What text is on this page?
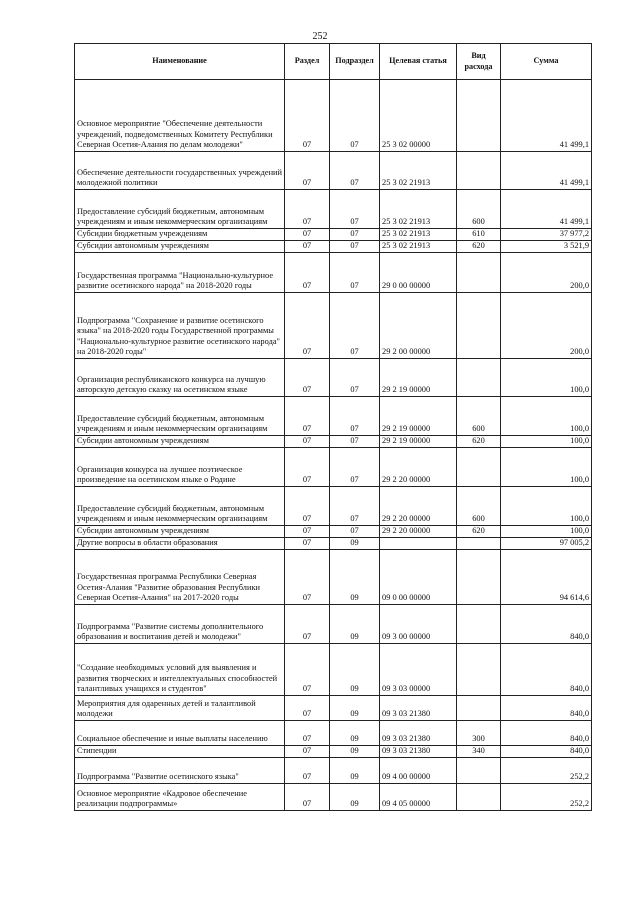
252
Наименование	Раздел	Подраздел	Целевая статья	Вид расхода	Сумма
Основное мероприятие "Обеспечение деятельности учреждений, подведомственных Комитету Республики Северная Осетия-Алания по делам молодежи"	07	07	25 3 02 00000		41 499,1
Обеспечение деятельности государственных учреждений молодежной политики	07	07	25 3 02 21913		41 499,1
Предоставление субсидий бюджетным, автономным учреждениям и иным некоммерческим организациям	07	07	25 3 02 21913	600	41 499,1
Субсидии бюджетным учреждениям	07	07	25 3 02 21913	610	37 977,2
Субсидии автономным учреждениям	07	07	25 3 02 21913	620	3 521,9
Государственная программа "Национально-культурное развитие осетинского народа" на 2018-2020 годы	07	07	29 0 00 00000		200,0
Подпрограмма "Сохранение и развитие осетинского языка" на 2018-2020 годы Государственной программы "Национально-культурное развитие осетинского народа" на 2018-2020 годы"	07	07	29 2 00 00000		200,0
Организация республиканского конкурса на лучшую авторскую детскую сказку на осетинском языке	07	07	29 2 19 00000		100,0
Предоставление субсидий бюджетным, автономным учреждениям и иным некоммерческим организациям	07	07	29 2 19 00000	600	100,0
Субсидии автономным учреждениям	07	07	29 2 19 00000	620	100,0
Организация конкурса на лучшее поэтическое произведение на осетинском языке о Родине	07	07	29 2 20 00000		100,0
Предоставление субсидий бюджетным, автономным учреждениям и иным некоммерческим организациям	07	07	29 2 20 00000	600	100,0
Субсидии автономным учреждениям	07	07	29 2 20 00000	620	100,0
Другие вопросы в области образования	07	09			97 005,2
Государственная программа Республики Северная Осетия-Алания "Развитие образования Республики Северная Осетия-Алания" на 2017-2020 годы	07	09	09 0 00 00000		94 614,6
Подпрограмма "Развитие системы дополнительного образования и воспитания детей и молодежи"	07	09	09 3 00 00000		840,0
"Создание необходимых условий для выявления и развития творческих и интеллектуальных способностей талантливых учащихся и студентов"	07	09	09 3 03 00000		840,0
Мероприятия для одаренных детей и талантливой молодежи	07	09	09 3 03 21380		840,0
Социальное обеспечение и иные выплаты населению	07	09	09 3 03 21380	300	840,0
Стипендии	07	09	09 3 03 21380	340	840,0
Подпрограмма "Развитие осетинского языка"	07	09	09 4 00 00000		252,2
Основное мероприятие «Кадровое обеспечение реализации подпрограммы»	07	09	09 4 05 00000		252,2
